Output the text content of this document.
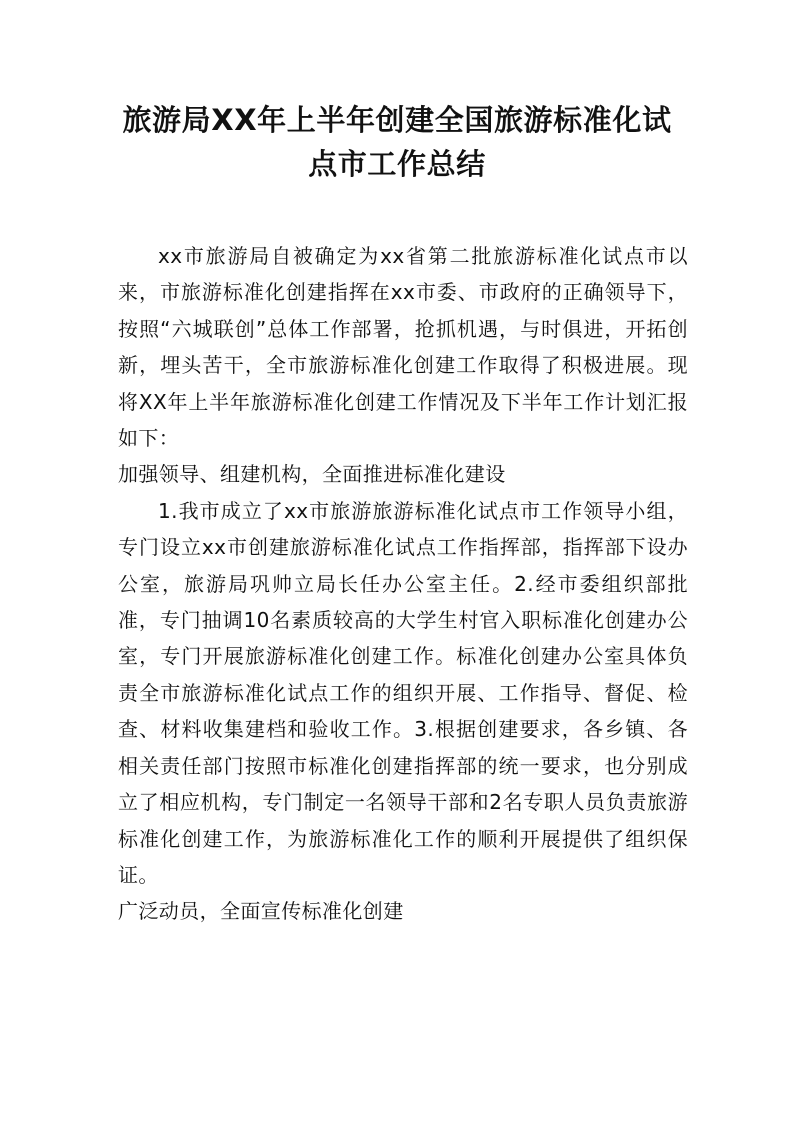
旅游局XX年上半年创建全国旅游标准化试
点市工作总结

xx市旅游局自被确定为xx省第二批旅游标准化试点市以来，市旅游标准化创建指挥在xx市委、市政府的正确领导下，按照“六城联创”总体工作部署，抢抓机遇，与时俱进，开拓创新，埋头苦干，全市旅游标准化创建工作取得了积极进展。现将XX年上半年旅游标准化创建工作情况及下半年工作计划汇报如下：

加强领导、组建机构，全面推进标准化建设

1.我市成立了xx市旅游旅游标准化试点市工作领导小组，专门设立xx市创建旅游标准化试点工作指挥部，指挥部下设办公室，旅游局巩帅立局长任办公室主任。2.经市委组织部批准，专门抽调10名素质较高的大学生村官入职标准化创建办公室，专门开展旅游标准化创建工作。标准化创建办公室具体负责全市旅游标准化试点工作的组织开展、工作指导、督促、检查、材料收集建档和验收工作。3.根据创建要求，各乡镇、各相关责任部门按照市标准化创建指挥部的统一要求，也分别成立了相应机构，专门制定一名领导干部和2名专职人员负责旅游标准化创建工作，为旅游标准化工作的顺利开展提供了组织保证。

广泛动员，全面宣传标准化创建
